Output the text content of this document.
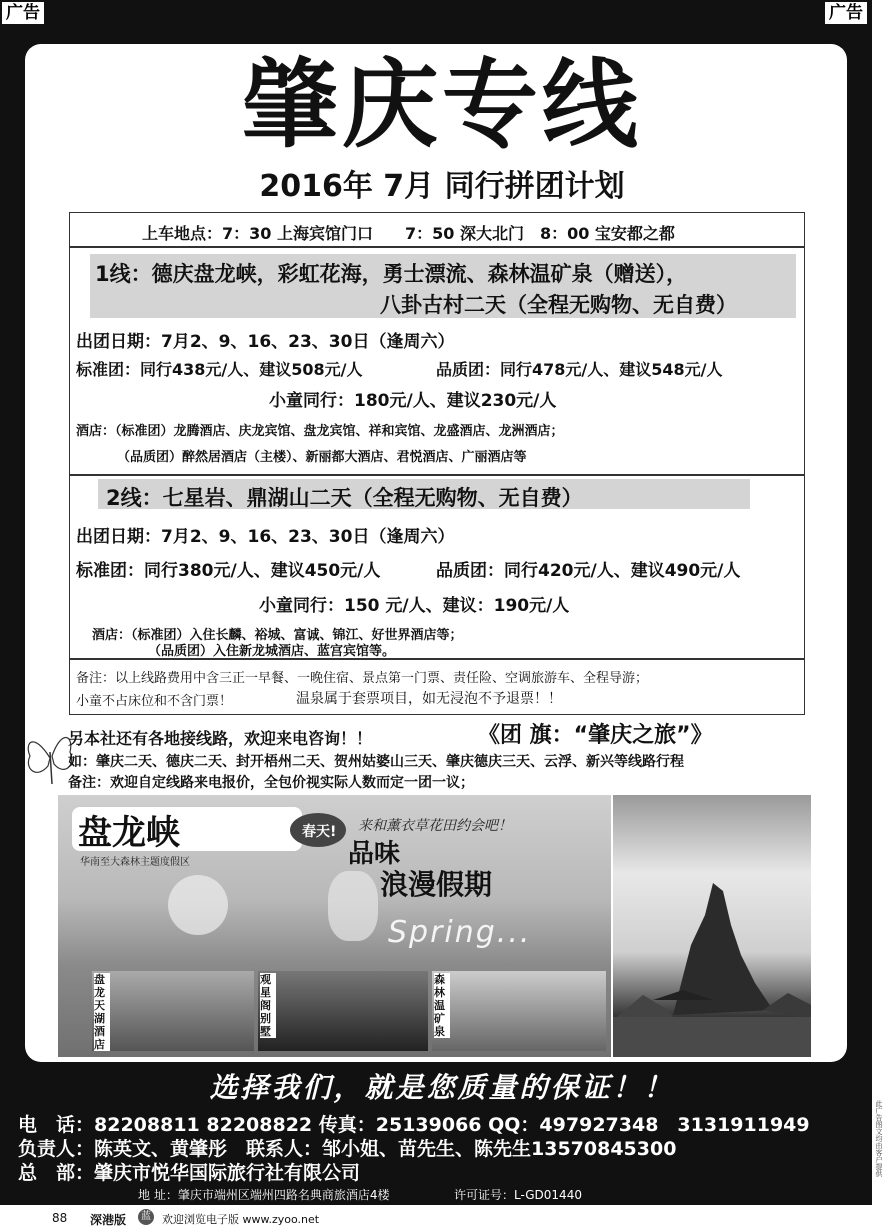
广告	广告
肇庆专线
2016年 7月 同行拼团计划
上车地点：7：30 上海宾馆门口　　7：50 深大北门　8：00 宝安都之都
1线：德庆盘龙峡，彩虹花海，勇士漂流、森林温矿泉（赠送），
八卦古村二天（全程无购物、无自费）
出团日期：7月2、9、16、23、30日（逢周六）
标准团：同行438元/人、建议508元/人	品质团：同行478元/人、建议548元/人
小童同行：180元/人、建议230元/人
酒店：（标准团）龙腾酒店、庆龙宾馆、盘龙宾馆、祥和宾馆、龙盛酒店、龙洲酒店；
（品质团）醉然居酒店（主楼）、新丽都大酒店、君悦酒店、广丽酒店等
2线：七星岩、鼎湖山二天（全程无购物、无自费）
出团日期：7月2、9、16、23、30日（逢周六）
标准团：同行380元/人、建议450元/人	品质团：同行420元/人、建议490元/人
小童同行：150 元/人、建议：190元/人
酒店：（标准团）入住长麟、裕城、富诚、锦江、好世界酒店等；
（品质团）入住新龙城酒店、蓝宫宾馆等。
备注：以上线路费用中含三正一早餐、一晚住宿、景点第一门票、责任险、空调旅游车、全程导游；
小童不占床位和不含门票！	温泉属于套票项目，如无浸泡不予退票！！
另本社还有各地接线路，欢迎来电咨询！！	《团 旗：“肇庆之旅”》
如：肇庆二天、德庆二天、封开梧州二天、贺州姑婆山三天、肇庆德庆三天、云浮、新兴等线路行程
备注：欢迎自定线路来电报价，全包价视实际人数而定一团一议；
盘龙峡
华南至大森林主题度假区
春天! 来和薰衣草花田约会吧！
品味
浪漫假期
Spring...
盘龙天湖酒店
观星阁别墅
森林温矿泉
选择我们，就是您质量的保证！！
电　话：82208811 82208822 传真：25139066 QQ：497927348　3131911949
负责人：陈英文、黄肇彤　联系人：邹小姐、苗先生、陈先生13570845300
总　部：肇庆市悦华国际旅行社有限公司
地 址：肇庆市端州区端州四路名典商旅酒店4楼	许可证号：L-GD01440
此广告图文均由客户提供
88 深港版	蓝 欢迎浏览电子版 www.zyoo.net
